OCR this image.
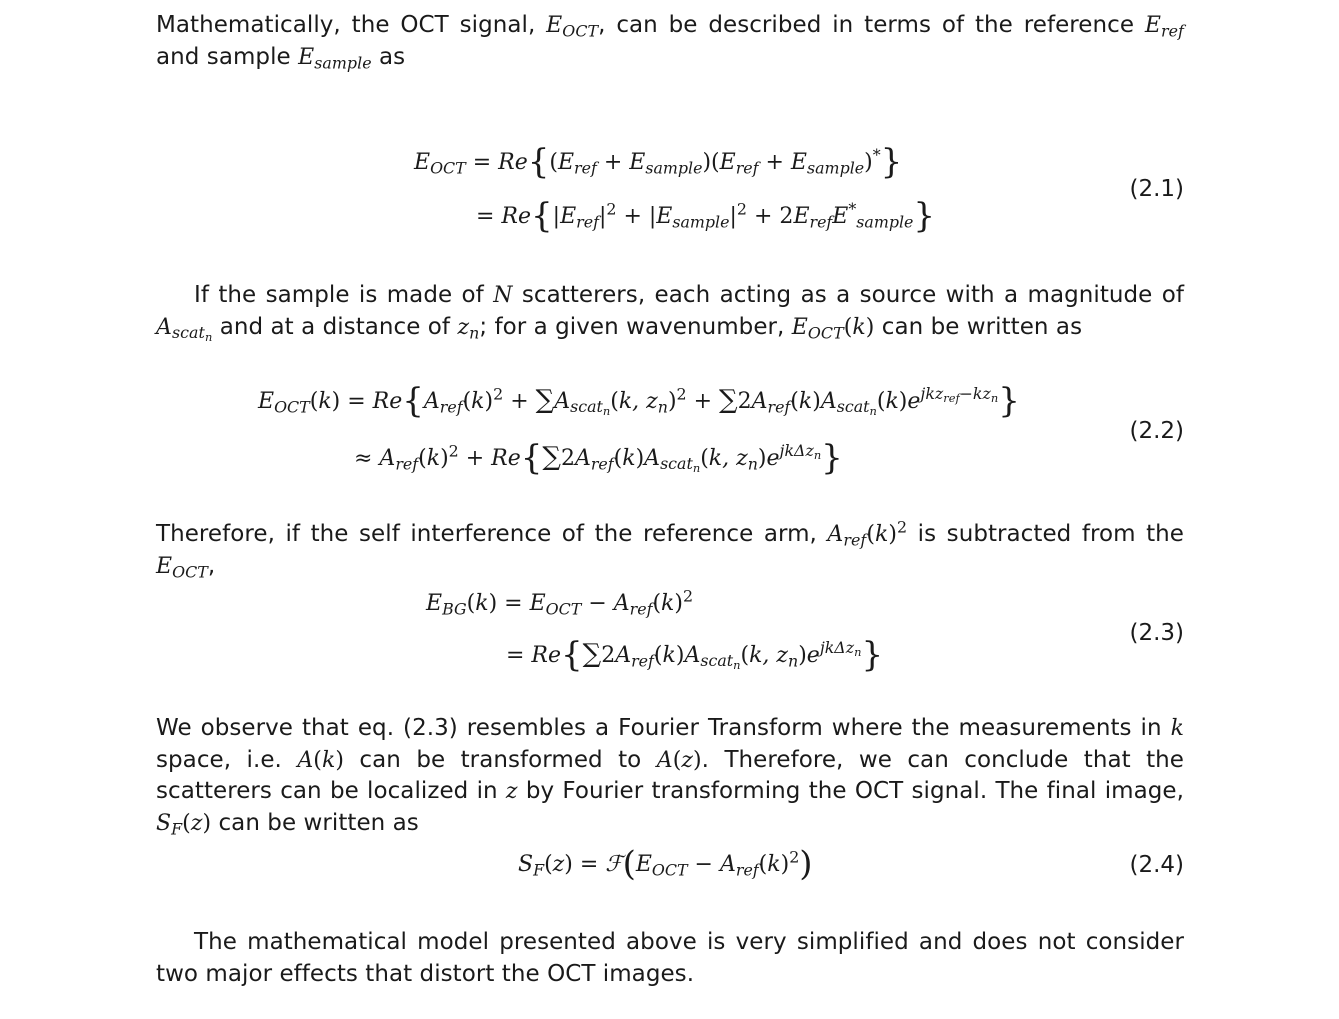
Mathematically, the OCT signal, $E_{OCT}$, can be described in terms of the reference $E_{ref}$ and sample $E_{sample}$ as

$E_{OCT} = Re\{(E_{ref} + E_{sample})(E_{ref} + E_{sample})^*\}$
= $Re\{|E_{ref}|^2 + |E_{sample}|^2 + 2E_{ref}E^*_{sample}\}$
(2.1)

If the sample is made of N scatterers, each acting as a source with a magnitude of $A_{scat_n}$ and at a distance of $z_n$; for a given wavenumber, $E_{OCT}(k)$ can be written as

$E_{OCT}(k) = Re\{A_{ref}(k)^2 + \sum A_{scat_n}(k$, $z_n)^2 + \sum 2A_{ref}(k)A_{scat_n}(k)e^{jkz_{ref}-kz_n}$}
≈ $A_{ref}(k)^2 + Re\{\sum 2A_{ref}(k)A_{scat_n}(k$, $z_n)e^{jk\Delta z_n}$}
(2.2)

Therefore, if the self interference of the reference arm, $A_{ref}(k)^2$ is subtracted from the $E_{OCT}$,

$E_{BG}(k) = E_{OCT} - A_{ref}(k)^2$
= $Re\{\sum 2A_{ref}(k)A_{scat_n}(k$, $z_n)e^{jk\Delta z_n}$}
(2.3)

We observe that eq. (2.3) resembles a Fourier Transform where the measurements in k space, i.e. A(k) can be transformed to A(z). Therefore, we can conclude that the scatterers can be localized in z by Fourier transforming the OCT signal. The final image, $S_F(z)$ can be written as

$S_F(z)$ = $ℱ(E_{OCT} - A_{ref}(k)^2)$	(2.4)

The mathematical model presented above is very simplified and does not consider two major effects that distort the OCT images.
